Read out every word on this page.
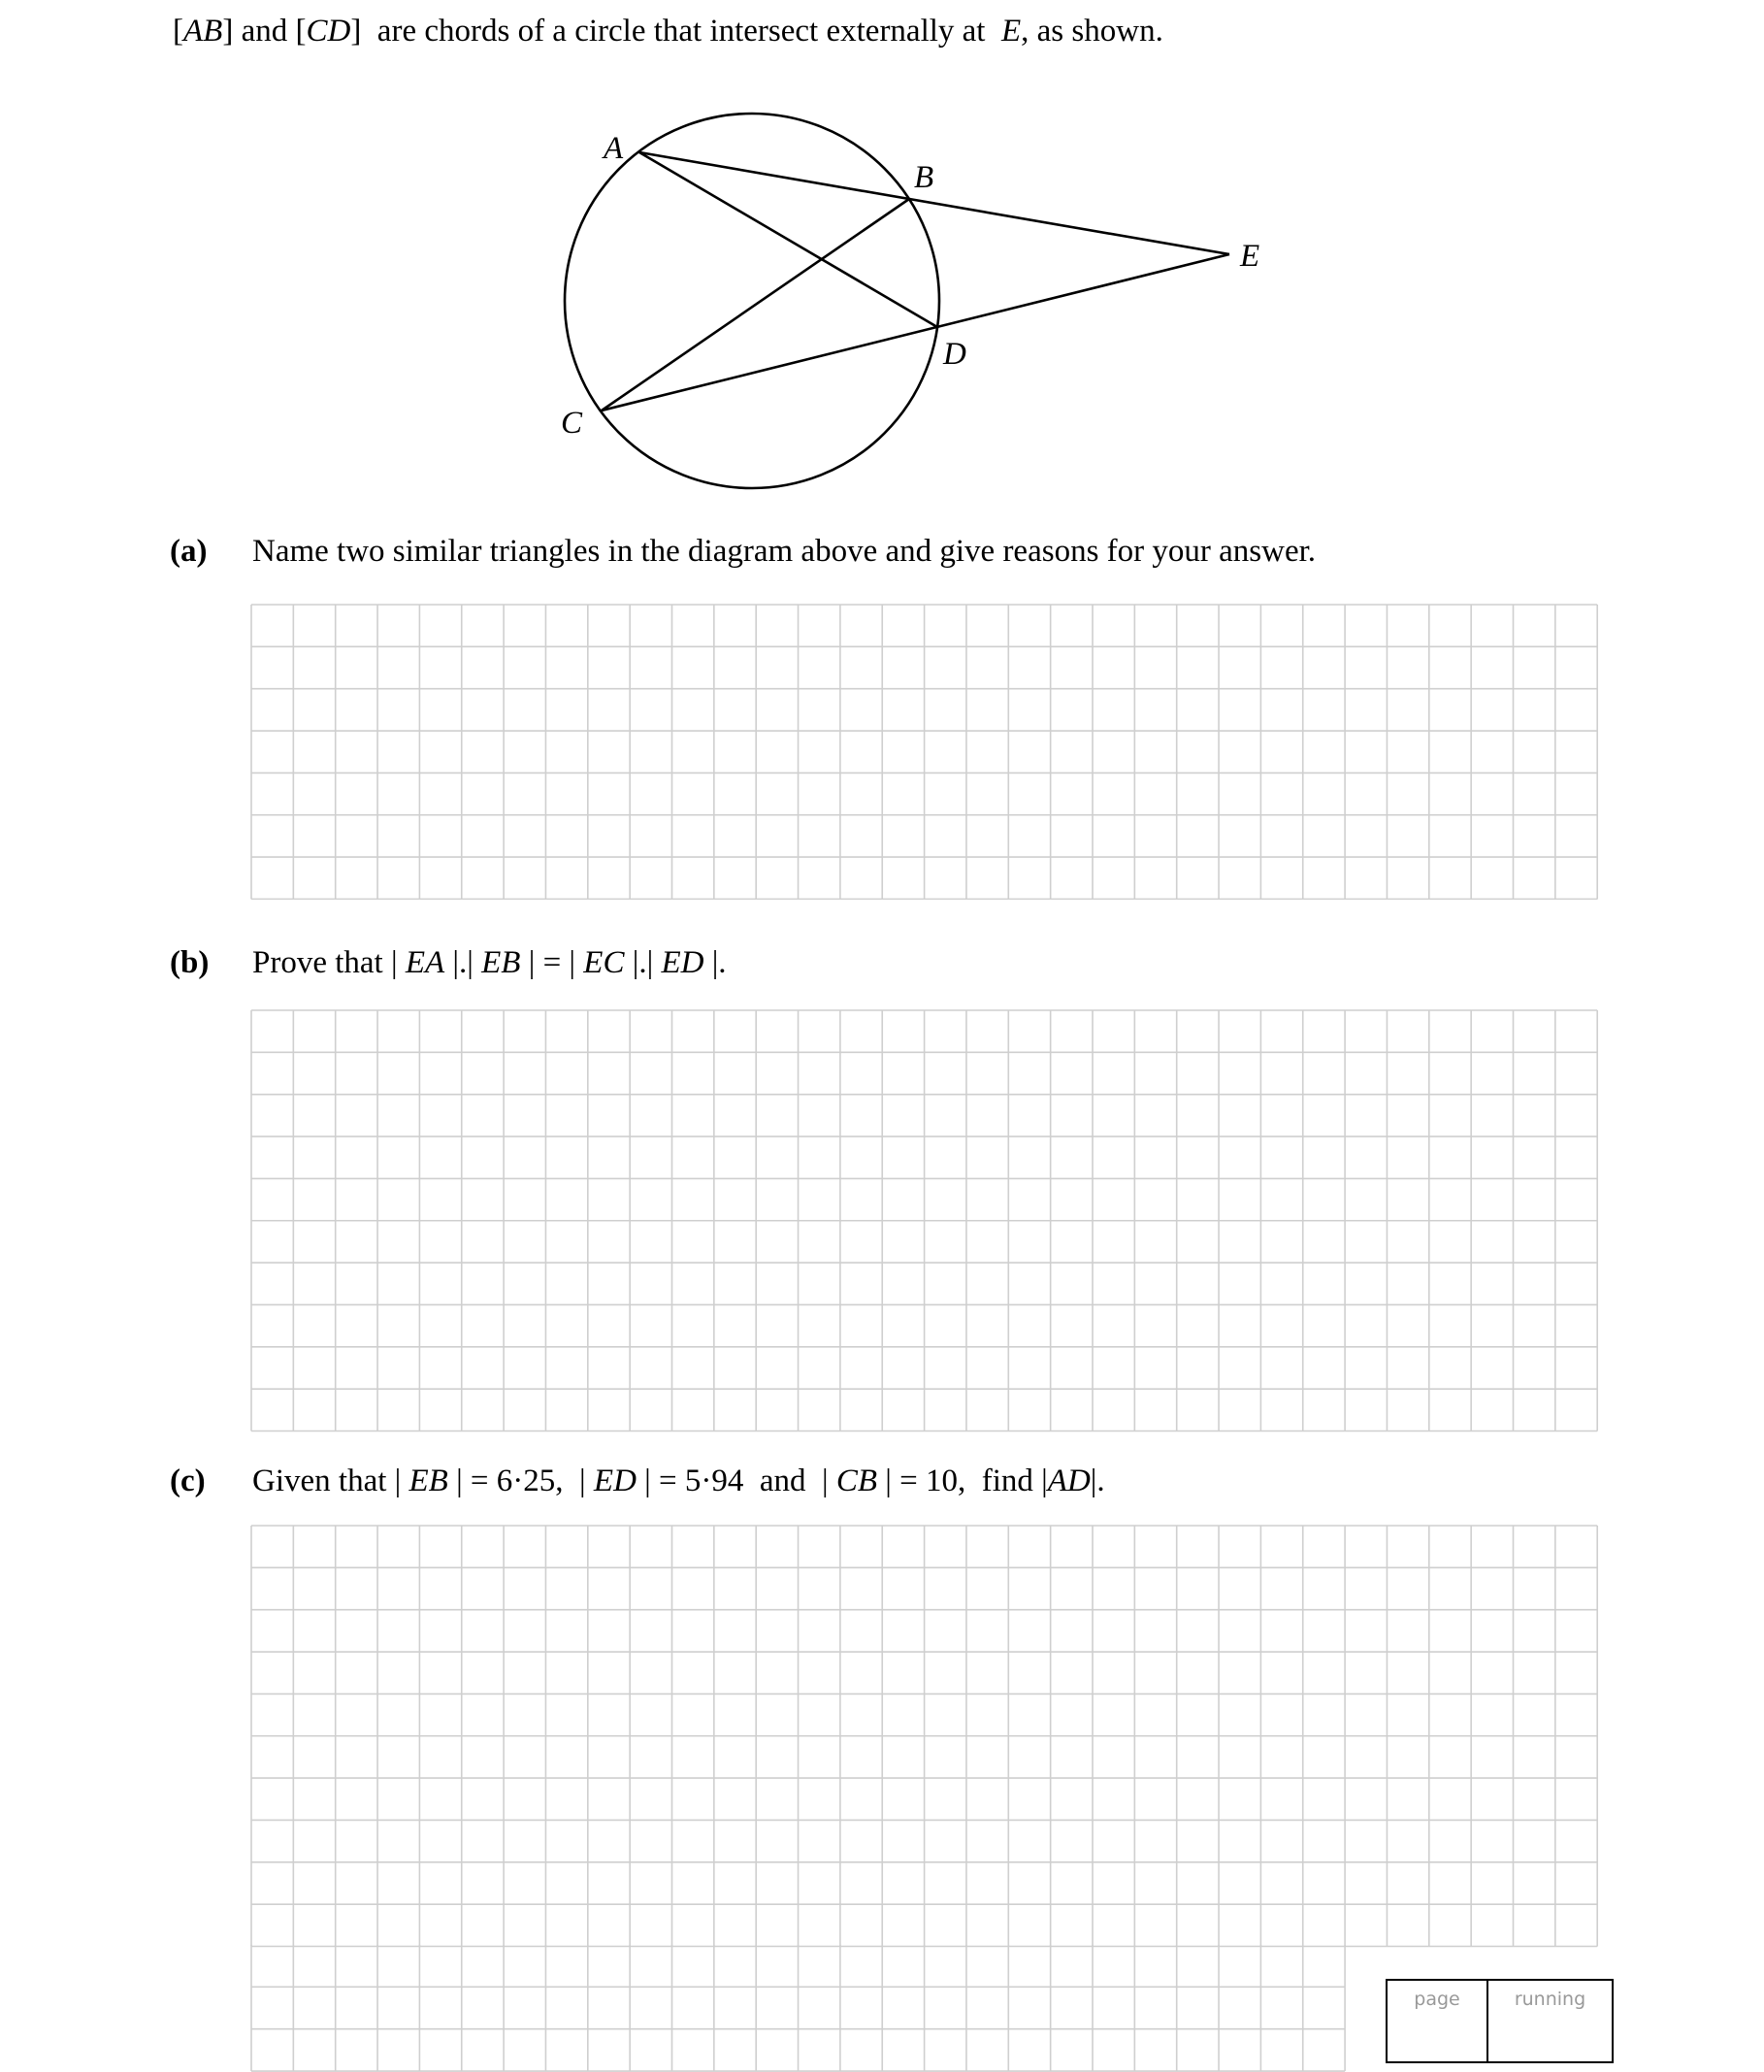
[AB] and [CD]  are chords of a circle that intersect externally at  E, as shown.
A
B
C
D
E
(a) Name two similar triangles in the diagram above and give reasons for your answer.
(b) Prove that | EA |.| EB | = | EC |.| ED |.
(c) Given that | EB | = 6·25,  | ED | = 5·94  and  | CB | = 10,  find |AD|.
page	running
